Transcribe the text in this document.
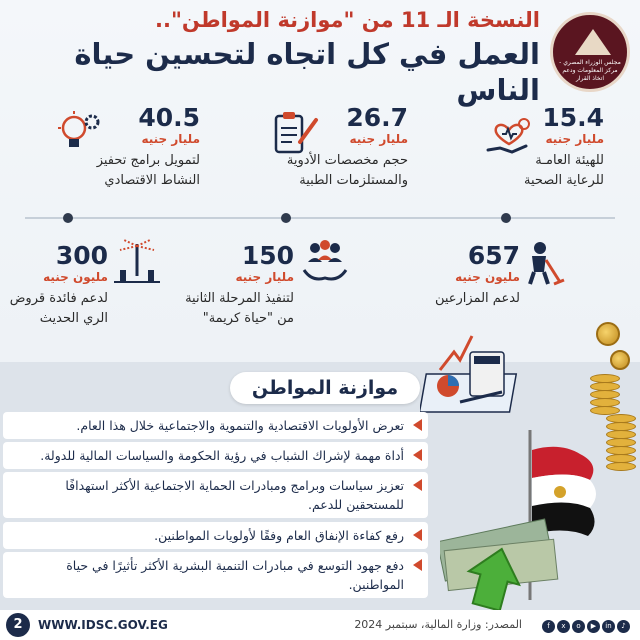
النسخة الـ 11 من "موازنة المواطن"..
العمل في كل اتجاه لتحسين حياة الناس
مجلس الوزراء المصري - مركز المعلومات ودعم اتخاذ القرار
15.4
مليار جنيه
للهيئة العامـة
للرعاية الصحية
26.7
مليار جنيه
حجم مخصصات الأدوية
والمستلزمات الطبية
40.5
مليار جنيه
لتمويل برامج تحفيز
النشاط الاقتصادي
657
مليون جنيه
لدعم المزارعين
150
مليار جنيه
لتنفيذ المرحلة الثانية
من "حياة كريمة"
300
مليون جنيه
لدعم فائدة قروض
الري الحديث
موازنة المواطن
تعرض الأولويات الاقتصادية والتنموية والاجتماعية خلال هذا العام.
أداة مهمة لإشراك الشباب في رؤية الحكومة والسياسات المالية للدولة.
تعزيز سياسات وبرامج ومبادرات الحماية الاجتماعية الأكثر استهدافًا للمستحقين للدعم.
رفع كفاءة الإنفاق العام وفقًا لأولويات المواطنين.
دفع جهود التوسع في مبادرات التنمية البشرية الأكثر تأثيرًا في حياة المواطنين.
2	WWW.IDSC.GOV.EG	المصدر: وزارة المالية، سبتمبر 2024	f x o ▶ in ♪
